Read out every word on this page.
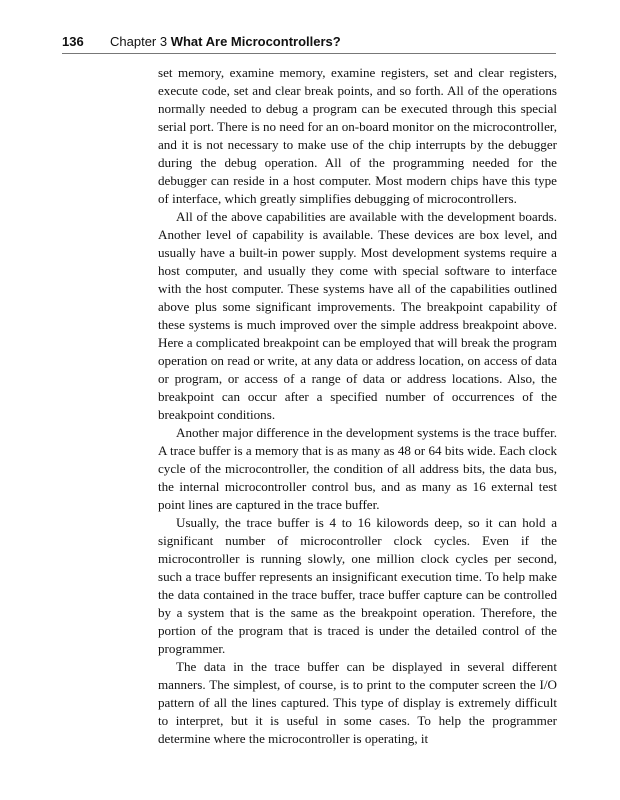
136 Chapter 3 What Are Microcontrollers?

set memory, examine memory, examine registers, set and clear registers, execute code, set and clear break points, and so forth. All of the operations normally needed to debug a program can be executed through this special serial port. There is no need for an on-board monitor on the microcontroller, and it is not necessary to make use of the chip interrupts by the debugger during the debug operation. All of the programming needed for the debugger can reside in a host computer. Most modern chips have this type of interface, which greatly simplifies debugging of microcontrollers.

All of the above capabilities are available with the development boards. Another level of capability is available. These devices are box level, and usually have a built-in power supply. Most development systems require a host computer, and usually they come with special software to interface with the host computer. These systems have all of the capabilities outlined above plus some significant improvements. The breakpoint capability of these systems is much improved over the simple address breakpoint above. Here a complicated breakpoint can be employed that will break the program operation on read or write, at any data or address location, on access of data or program, or access of a range of data or address locations. Also, the breakpoint can occur after a specified number of occurrences of the breakpoint conditions.

Another major difference in the development systems is the trace buffer. A trace buffer is a memory that is as many as 48 or 64 bits wide. Each clock cycle of the microcontroller, the condition of all address bits, the data bus, the internal microcontroller control bus, and as many as 16 external test point lines are captured in the trace buffer.

Usually, the trace buffer is 4 to 16 kilowords deep, so it can hold a significant number of microcontroller clock cycles. Even if the microcontroller is running slowly, one million clock cycles per second, such a trace buffer represents an insignificant execution time. To help make the data contained in the trace buffer, trace buffer capture can be controlled by a system that is the same as the breakpoint operation. Therefore, the portion of the program that is traced is under the detailed control of the programmer.

The data in the trace buffer can be displayed in several different manners. The simplest, of course, is to print to the computer screen the I/O pattern of all the lines captured. This type of display is extremely difficult to interpret, but it is useful in some cases. To help the programmer determine where the microcontroller is operating, it
